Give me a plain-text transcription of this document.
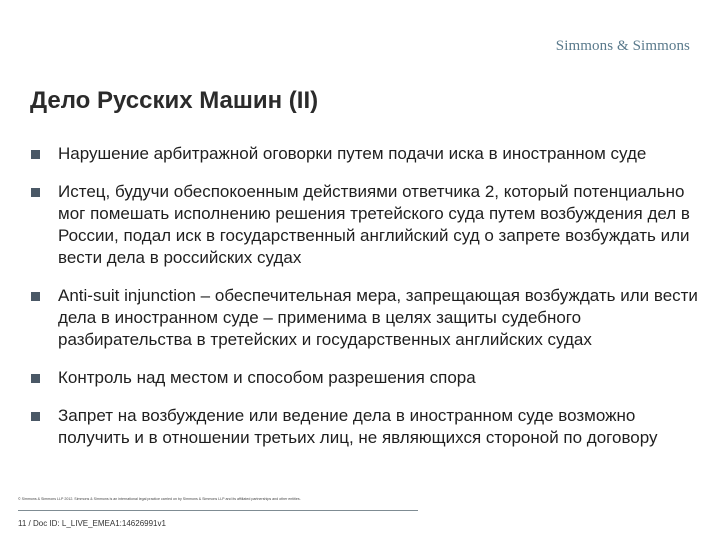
Simmons & Simmons
Дело Русских Машин (II)
Нарушение арбитражной оговорки путем подачи иска в иностранном суде
Истец, будучи обеспокоенным действиями ответчика 2, который потенциально мог помешать исполнению решения третейского суда путем возбуждения дел в России, подал иск в государственный английский суд о запрете возбуждать или вести дела в российских судах
Anti-suit injunction – обеспечительная мера, запрещающая возбуждать или вести дела в иностранном суде – применима в целях защиты судебного разбирательства в третейских и государственных английских судах
Контроль над местом и способом разрешения спора
Запрет на возбуждение или ведение дела в иностранном суде возможно получить и в отношении третьих лиц, не являющихся стороной по договору
© Simmons & Simmons LLP 2012. Simmons & Simmons is an international legal practice carried on by Simmons & Simmons LLP and its affiliated partnerships and other entities.
11 / Doc ID: L_LIVE_EMEA1:14626991v1
